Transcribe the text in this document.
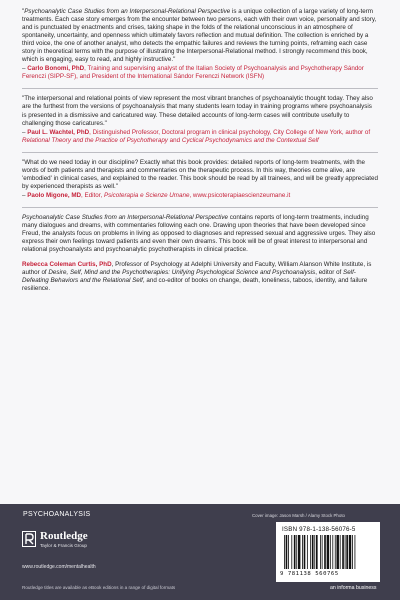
"Psychoanalytic Case Studies from an Interpersonal-Relational Perspective is a unique collection of a large variety of long-term treatments. Each case story emerges from the encounter between two persons, each with their own voice, personality and story, and is punctuated by enactments and crises, taking shape in the folds of the relational unconscious in an atmosphere of spontaneity, uncertainty, and openness which ultimately favors reflection and mutual definition. The collection is enriched by a third voice, the one of another analyst, who detects the empathic failures and reviews the turning points, reframing each case story in theoretical terms with the purpose of illustrating the Interpersonal-Relational method. I strongly recommend this book, which is engaging, easy to read, and highly instructive."

– Carlo Bonomi, PhD, Training and supervising analyst of the Italian Society of Psychoanalysis and Psychotherapy Sándor Ferenczi (SIPP-SF), and President of the International Sándor Ferenczi Network (ISFN)

"The interpersonal and relational points of view represent the most vibrant branches of psychoanalytic thought today. They also are the furthest from the versions of psychoanalysis that many students learn today in training programs where psychoanalysis is presented in a dismissive and caricatured way. These detailed accounts of long-term cases will contribute usefully to challenging those caricatures."

– Paul L. Wachtel, PhD, Distinguished Professor, Doctoral program in clinical psychology, City College of New York, author of Relational Theory and the Practice of Psychotherapy and Cyclical Psychodynamics and the Contextual Self

"What do we need today in our discipline? Exactly what this book provides: detailed reports of long-term treatments, with the words of both patients and therapists and commentaries on the therapeutic process. In this way, theories come alive, are 'embodied' in clinical cases, and explained to the reader. This book should be read by all trainees, and will be greatly appreciated by experienced therapists as well."

– Paolo Migone, MD, Editor, Psicoterapia e Scienze Umane, www.psicoterapiaescienzeumane.it

Psychoanalytic Case Studies from an Interpersonal-Relational Perspective contains reports of long-term treatments, including many dialogues and dreams, with commentaries following each one. Drawing upon theories that have been developed since Freud, the analysts focus on problems in living as opposed to diagnoses and repressed sexual and aggressive urges. They also express their own feelings toward patients and even their own dreams. This book will be of great interest to interpersonal and relational psychoanalysts and psychoanalytic psychotherapists in clinical practice.

Rebecca Coleman Curtis, PhD, Professor of Psychology at Adelphi University and Faculty, William Alanson White Institute, is author of Desire, Self, Mind and the Psychotherapies: Unifying Psychological Science and Psychoanalysis, editor of Self-Defeating Behaviors and the Relational Self, and co-editor of books on change, death, loneliness, taboos, identity, and failure resilience.

PSYCHOANALYSIS	Cover image: Jason Marsh / Alamy Stock Photo
Routledge
Taylor & Francis Group
www.routledge.com/mentalhealth
Routledge titles are available as eBook editions in a range of digital formats
ISBN 978-1-138-56076-5
9 781138 560765
an informa business
